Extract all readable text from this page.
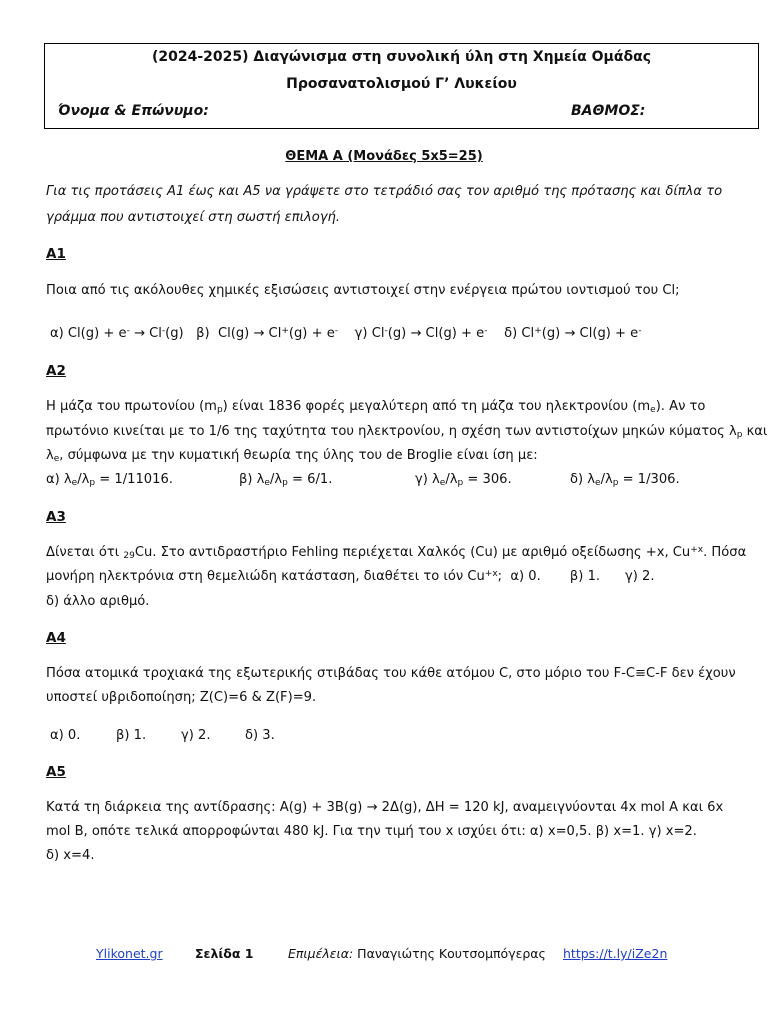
(2024-2025) Διαγώνισμα στη συνολική ύλη στη Χημεία Ομάδας
Προσανατολισμού Γ’ Λυκείου
Όνομα & Επώνυμο:	ΒΑΘΜΟΣ:
ΘΕΜΑ Α (Μονάδες 5x5=25)
Για τις προτάσεις Α1 έως και Α5 να γράψετε στο τετράδιό σας τον αριθμό της πρότασης και δίπλα το
γράμμα που αντιστοιχεί στη σωστή επιλογή.
Α1
Ποια από τις ακόλουθες χημικές εξισώσεις αντιστοιχεί στην ενέργεια πρώτου ιοντισμού του Cl;
α) Cl(g) + e- → Cl-(g)   β)  Cl(g) → Cl+(g) + e-    γ) Cl-(g) → Cl(g) + e-    δ) Cl+(g) → Cl(g) + e-
Α2
Η μάζα του πρωτονίου $(m_p)$ είναι 1836 φορές μεγαλύτερη από τη μάζα του ηλεκτρονίου $(m_e)$. Αν το
πρωτόνιο κινείται με το 1/6 της ταχύτητα του ηλεκτρονίου, η σχέση των αντιστοίχων μηκών κύματος $\lambda_p$ και
$\lambda_e$, σύμφωνα με την κυματική θεωρία της ύλης του de Broglie είναι ίση με:
α) $\lambda_e/\lambda_p = 1/11016$.	β) $\lambda_e/\lambda_p = 6/1$.	γ) $\lambda_e/\lambda_p = 306$.	δ) $\lambda_e/\lambda_p = 1/306$.
Α3
Δίνεται ότι $_{29}$Cu. Στο αντιδραστήριο Fehling περιέχεται Χαλκός (Cu) με αριθμό οξείδωσης +x, $Cu^{+x}$. Πόσα
μονήρη ηλεκτρόνια στη θεμελιώδη κατάσταση, διαθέτει το ιόν $Cu^{+x}$;  α) 0.       β) 1.      γ) 2.
δ) άλλο αριθμό.
Α4
Πόσα ατομικά τροχιακά της εξωτερικής στιβάδας του κάθε ατόμου C, στο μόριο του F-C≡C-F δεν έχουν
υποστεί υβριδοποίηση; Z(C)=6 & Z(F)=9.
α) 0.	β) 1.	γ) 2.	δ) 3.
Α5
Κατά τη διάρκεια της αντίδρασης: A(g) + 3B(g) → 2Δ(g), ΔΗ = 120 kJ, αναμειγνύονται 4x mol A και 6x
mol B, οπότε τελικά απορροφώνται 480 kJ. Για την τιμή του x ισχύει ότι: α) x=0,5. β) x=1. γ) x=2.
δ) x=4.
Ylikonet.gr	Σελίδα 1	Επιμέλεια: Παναγιώτης Κουτσομπόγερας https://t.ly/iZe2n
